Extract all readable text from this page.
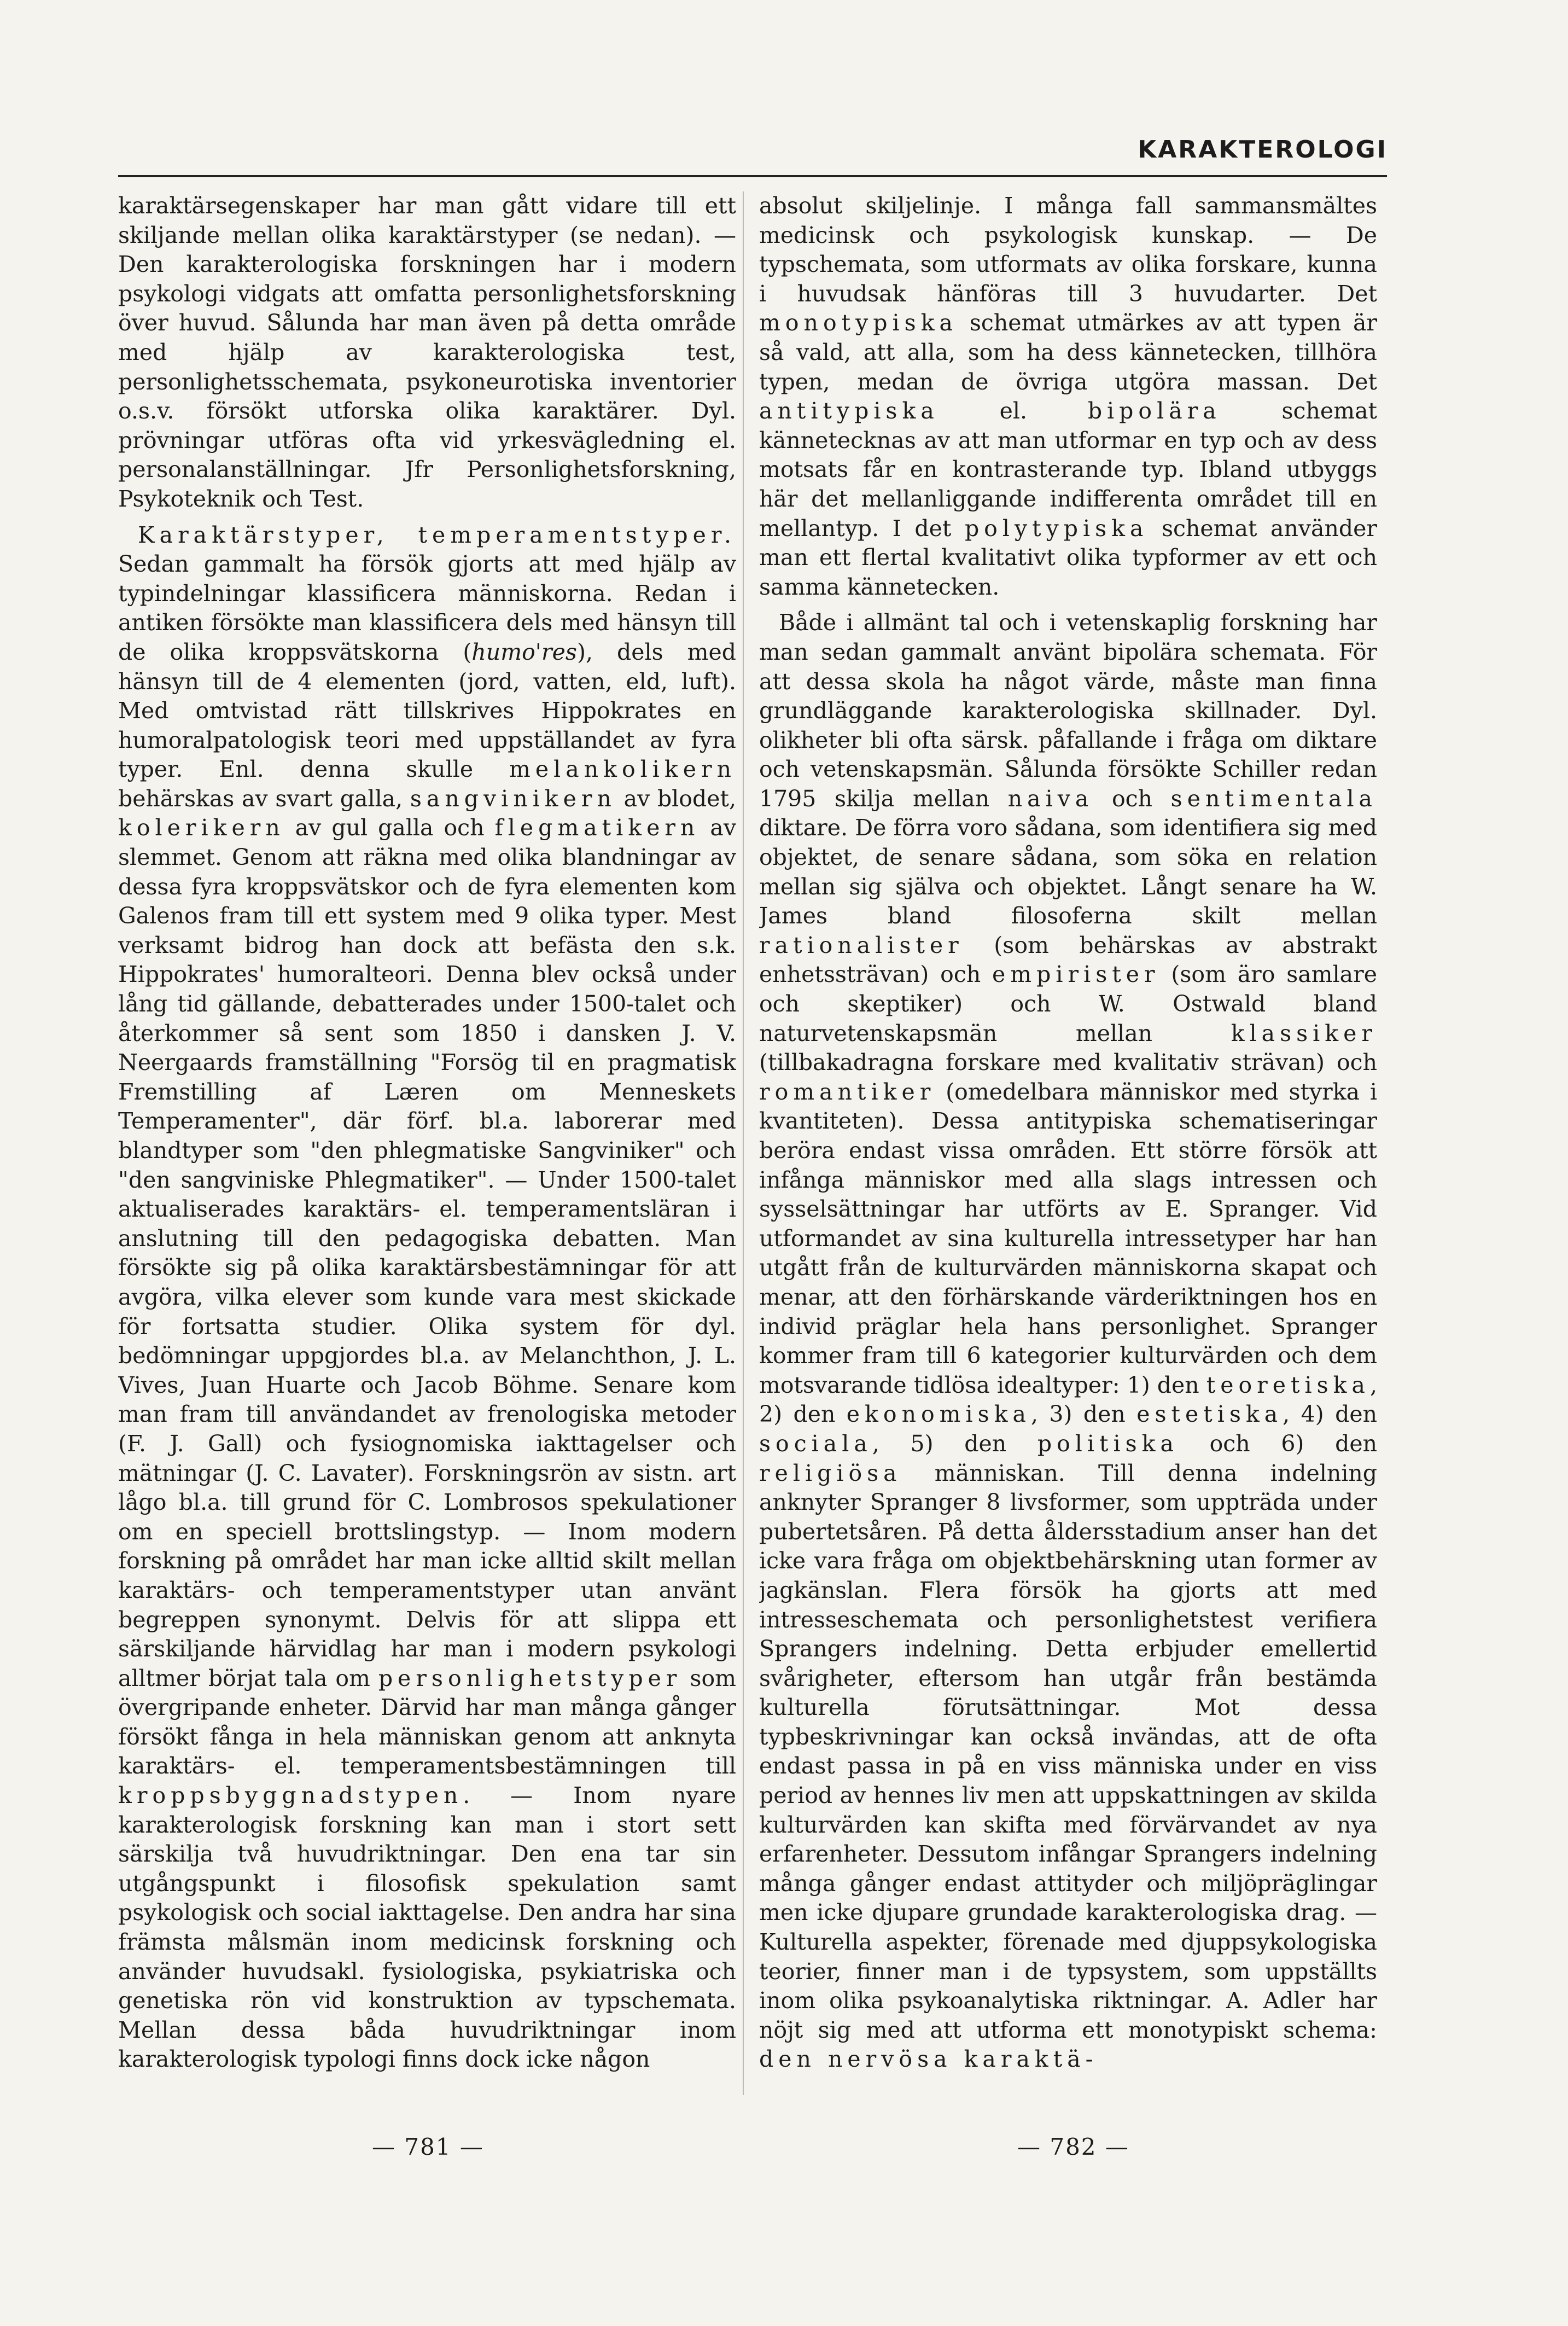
KARAKTEROLOGI

karaktärsegenskaper har man gått vidare till ett skiljande mellan olika karaktärstyper (se nedan). — Den karakterologiska forskningen har i modern psykologi vidgats att omfatta personlighetsforskning över huvud. Sålunda har man även på detta område med hjälp av karakterologiska test, personlighetsschemata, psykoneurotiska inventorier o.s.v. försökt utforska olika karaktärer. Dyl. prövningar utföras ofta vid yrkesvägledning el. personalanställningar. Jfr Personlighetsforskning, Psykoteknik och Test.

Karaktärstyper, temperamentstyper. Sedan gammalt ha försök gjorts att med hjälp av typindelningar klassificera människorna. Redan i antiken försökte man klassificera dels med hänsyn till de olika kroppsvätskorna (humo'res), dels med hänsyn till de 4 elementen (jord, vatten, eld, luft). Med omtvistad rätt tillskrives Hippokrates en humoralpatologisk teori med uppställandet av fyra typer. Enl. denna skulle melankolikern behärskas av svart galla, sangvinikern av blodet, kolerikern av gul galla och flegmatikern av slemmet. Genom att räkna med olika blandningar av dessa fyra kroppsvätskor och de fyra elementen kom Galenos fram till ett system med 9 olika typer. Mest verksamt bidrog han dock att befästa den s.k. Hippokrates' humoralteori. Denna blev också under lång tid gällande, debatterades under 1500-talet och återkommer så sent som 1850 i dansken J. V. Neergaards framställning "Forsög til en pragmatisk Fremstilling af Læren om Menneskets Temperamenter", där förf. bl.a. laborerar med blandtyper som "den phlegmatiske Sangviniker" och "den sangviniske Phlegmatiker". — Under 1500-talet aktualiserades karaktärs- el. temperamentsläran i anslutning till den pedagogiska debatten. Man försökte sig på olika karaktärsbestämningar för att avgöra, vilka elever som kunde vara mest skickade för fortsatta studier. Olika system för dyl. bedömningar uppgjordes bl.a. av Melanchthon, J. L. Vives, Juan Huarte och Jacob Böhme. Senare kom man fram till användandet av frenologiska metoder (F. J. Gall) och fysiognomiska iakttagelser och mätningar (J. C. Lavater). Forskningsrön av sistn. art lågo bl.a. till grund för C. Lombrosos spekulationer om en speciell brottslingstyp. — Inom modern forskning på området har man icke alltid skilt mellan karaktärs- och temperamentstyper utan använt begreppen synonymt. Delvis för att slippa ett särskiljande härvidlag har man i modern psykologi alltmer börjat tala om personlighetstyper som övergripande enheter. Därvid har man många gånger försökt fånga in hela människan genom att anknyta karaktärs- el. temperamentsbestämningen till kroppsbyggnadstypen. — Inom nyare karakterologisk forskning kan man i stort sett särskilja två huvudriktningar. Den ena tar sin utgångspunkt i filosofisk spekulation samt psykologisk och social iakttagelse. Den andra har sina främsta målsmän inom medicinsk forskning och använder huvudsakl. fysiologiska, psykiatriska och genetiska rön vid konstruktion av typschemata. Mellan dessa båda huvudriktningar inom karakterologisk typologi finns dock icke någon

absolut skiljelinje. I många fall sammansmältes medicinsk och psykologisk kunskap. — De typschemata, som utformats av olika forskare, kunna i huvudsak hänföras till 3 huvudarter. Det monotypiska schemat utmärkes av att typen är så vald, att alla, som ha dess kännetecken, tillhöra typen, medan de övriga utgöra massan. Det antitypiska el. bipolära schemat kännetecknas av att man utformar en typ och av dess motsats får en kontrasterande typ. Ibland utbyggs här det mellanliggande indifferenta området till en mellantyp. I det polytypiska schemat använder man ett flertal kvalitativt olika typformer av ett och samma kännetecken.

Både i allmänt tal och i vetenskaplig forskning har man sedan gammalt använt bipolära schemata. För att dessa skola ha något värde, måste man finna grundläggande karakterologiska skillnader. Dyl. olikheter bli ofta särsk. påfallande i fråga om diktare och vetenskapsmän. Sålunda försökte Schiller redan 1795 skilja mellan naiva och sentimentala diktare. De förra voro sådana, som identifiera sig med objektet, de senare sådana, som söka en relation mellan sig själva och objektet. Långt senare ha W. James bland filosoferna skilt mellan rationalister (som behärskas av abstrakt enhetssträvan) och empirister (som äro samlare och skeptiker) och W. Ostwald bland naturvetenskapsmän mellan klassiker (tillbakadragna forskare med kvalitativ strävan) och romantiker (omedelbara människor med styrka i kvantiteten). Dessa antitypiska schematiseringar beröra endast vissa områden. Ett större försök att infånga människor med alla slags intressen och sysselsättningar har utförts av E. Spranger. Vid utformandet av sina kulturella intressetyper har han utgått från de kulturvärden människorna skapat och menar, att den förhärskande värderiktningen hos en individ präglar hela hans personlighet. Spranger kommer fram till 6 kategorier kulturvärden och dem motsvarande tidlösa idealtyper: 1) den teoretiska, 2) den ekonomiska, 3) den estetiska, 4) den sociala, 5) den politiska och 6) den religiösa människan. Till denna indelning anknyter Spranger 8 livsformer, som uppträda under pubertetsåren. På detta åldersstadium anser han det icke vara fråga om objektbehärskning utan former av jagkänslan. Flera försök ha gjorts att med intresseschemata och personlighetstest verifiera Sprangers indelning. Detta erbjuder emellertid svårigheter, eftersom han utgår från bestämda kulturella förutsättningar. Mot dessa typbeskrivningar kan också invändas, att de ofta endast passa in på en viss människa under en viss period av hennes liv men att uppskattningen av skilda kulturvärden kan skifta med förvärvandet av nya erfarenheter. Dessutom infångar Sprangers indelning många gånger endast attityder och miljöpräglingar men icke djupare grundade karakterologiska drag. — Kulturella aspekter, förenade med djuppsykologiska teorier, finner man i de typsystem, som uppställts inom olika psykoanalytiska riktningar. A. Adler har nöjt sig med att utforma ett monotypiskt schema: den nervösa karaktä-

— 781 —	— 782 —
